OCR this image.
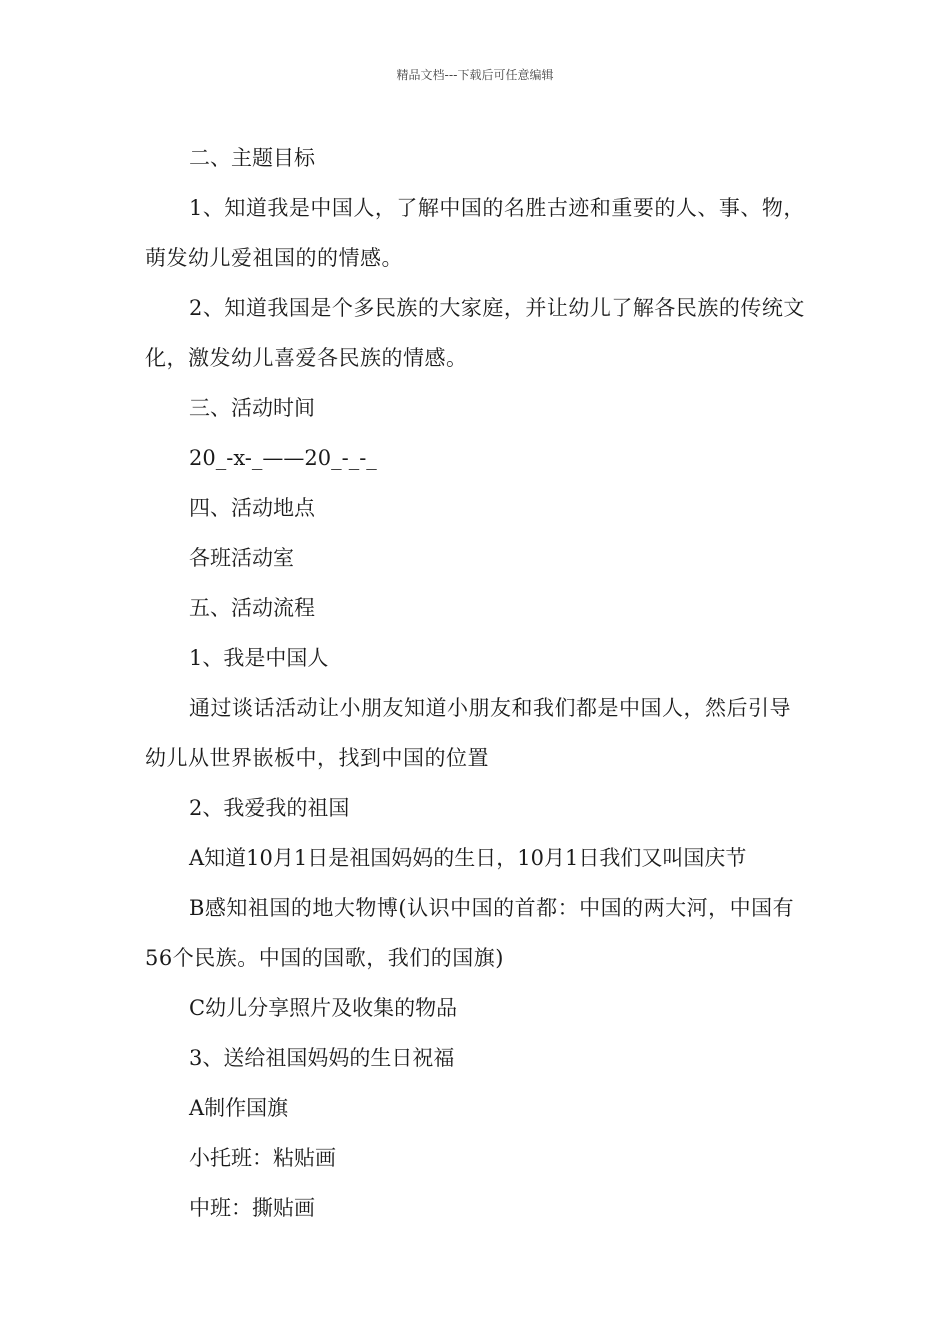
精品文档---下载后可任意编辑

二、主题目标

1、知道我是中国人，了解中国的名胜古迹和重要的人、事、物，萌发幼儿爱祖国的的情感。

2、知道我国是个多民族的大家庭，并让幼儿了解各民族的传统文化，激发幼儿喜爱各民族的情感。

三、活动时间

20_-x-_——20_-_-_

四、活动地点

各班活动室

五、活动流程

1、我是中国人

通过谈话活动让小朋友知道小朋友和我们都是中国人，然后引导幼儿从世界嵌板中，找到中国的位置

2、我爱我的祖国

A知道10月1日是祖国妈妈的生日，10月1日我们又叫国庆节

B感知祖国的地大物博(认识中国的首都：中国的两大河，中国有56个民族。中国的国歌，我们的国旗)

C幼儿分享照片及收集的物品

3、送给祖国妈妈的生日祝福

A制作国旗

小托班：粘贴画

中班：撕贴画
